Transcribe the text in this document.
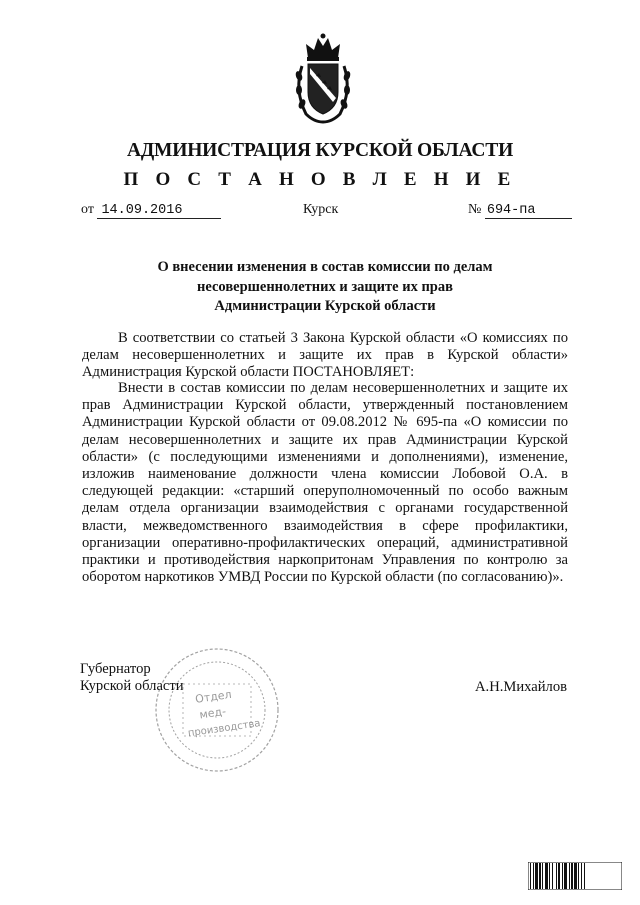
АДМИНИСТРАЦИЯ КУРСКОЙ ОБЛАСТИ
П О С Т А Н О В Л Е Н И Е
от 14.09.2016	Курск	№ 694-па
О внесении изменения в состав комиссии по делам
несовершеннолетних и защите их прав
Администрации Курской области
В соответствии со статьей 3 Закона Курской области «О комиссиях по делам несовершеннолетних и защите их прав в Курской области» Администрация Курской области ПОСТАНОВЛЯЕТ:
Внести в состав комиссии по делам несовершеннолетних и защите их прав Администрации Курской области, утвержденный постановлением Администрации Курской области от 09.08.2012 № 695-па «О комиссии по делам несовершеннолетних и защите их прав Администрации Курской области» (с последующими изменениями и дополнениями), изменение, изложив наименование должности члена комиссии Лобовой О.А. в следующей редакции: «старший оперуполномоченный по особо важным делам отдела организации взаимодействия с органами государственной власти, межведомственного взаимодействия в сфере профилактики, организации оперативно-профилактических операций, административной практики и противодействия наркопритонам Управления по контролю за оборотом наркотиков УМВД России по Курской области (по согласованию)».
Губернатор
Курской области	А.Н.Михайлов
Отдел
мед-
производства
